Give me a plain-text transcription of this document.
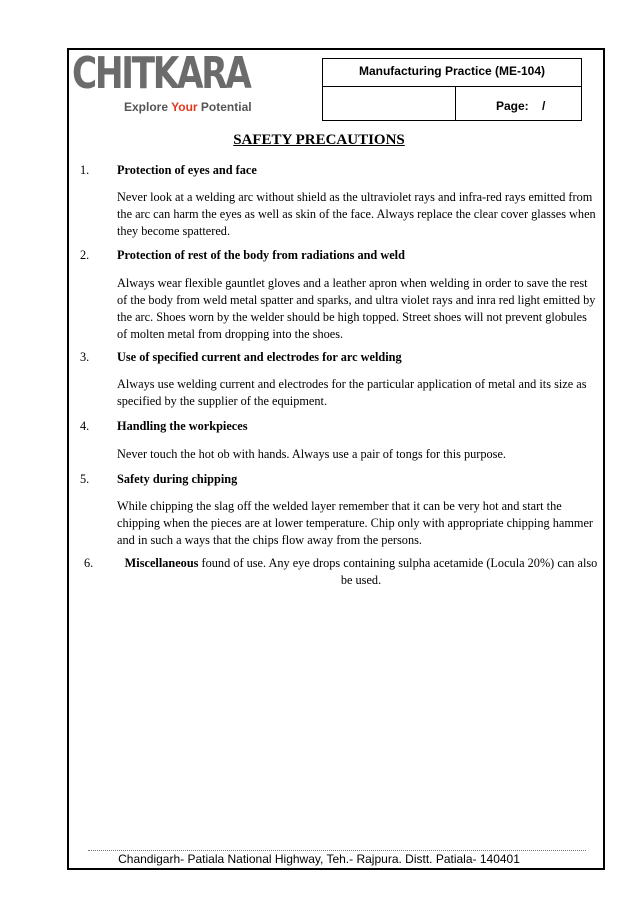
CHITKARA
Explore Your Potential
Manufacturing Practice (ME-104)
Page: /
SAFETY PRECAUTIONS
1. Protection of eyes and face
Never look at a welding arc without shield as the ultraviolet rays and infra-red rays emitted from the arc can harm the eyes as well as skin of the face. Always replace the clear cover glasses when they become spattered.
2. Protection of rest of the body from radiations and weld
Always wear flexible gauntlet gloves and a leather apron when welding in order to save the rest of the body from weld metal spatter and sparks, and ultra violet rays and inra red light emitted by the arc. Shoes worn by the welder should be high topped. Street shoes will not prevent globules of molten metal from dropping into the shoes.
3. Use of specified current and electrodes for arc welding
Always use welding current and electrodes for the particular application of metal and its size as specified by the supplier of the equipment.
4. Handling the workpieces
Never touch the hot ob with hands. Always use a pair of tongs for this purpose.
5. Safety during chipping
While chipping the slag off the welded layer remember that it can be very hot and start the chipping when the pieces are at lower temperature. Chip only with appropriate chipping hammer and in such a ways that the chips flow away from the persons.
6.	Miscellaneous found of use. Any eye drops containing sulpha acetamide (Locula 20%) can also be used.
Chandigarh- Patiala National Highway, Teh.- Rajpura. Distt. Patiala- 140401
